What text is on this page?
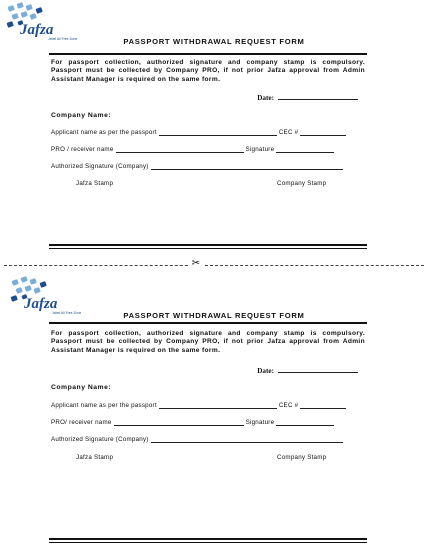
Jafza
Jebel Ali Free Zone	PASSPORT WITHDRAWAL REQUEST FORM
For passport collection, authorized signature and company stamp is compulsory. Passport must be collected by Company PRO, if not prior Jafza approval from Admin Assistant Manager is required on the same form.
Date:
Company Name:
Applicant name as per the passport	CEC #
PRO / receiver name	Signature
Authorized Signature (Company)
Jafza Stamp	Company Stamp
✂
Jafza
Jebel Ali Free Zone	PASSPORT WITHDRAWAL REQUEST FORM
For passport collection, authorized signature and company stamp is compulsory. Passport must be collected by Company PRO, if not prior Jafza approval from Admin Assistant Manager is required on the same form.
Date:
Company Name:
Applicant name as per the passport	CEC #
PRO/ receiver name	Signature
Authorized Signature (Company)
Jafza Stamp	Company Stamp
